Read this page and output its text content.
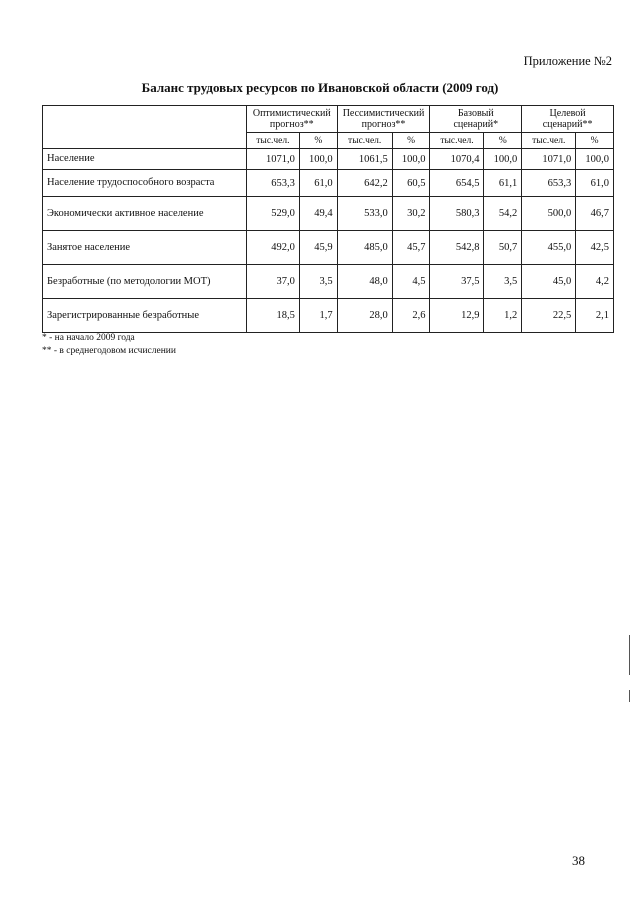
Приложение №2
Баланс трудовых ресурсов по Ивановской области (2009 год)
	Оптимистический прогноз**		Пессимистический прогноз**		Базовый сценарий*		Целевой сценарий**	
	тыс.чел.	%	тыс.чел.	%	тыс.чел.	%	тыс.чел.	%
Население	1071,0	100,0	1061,5	100,0	1070,4	100,0	1071,0	100,0
Население трудоспособного возраста	653,3	61,0	642,2	60,5	654,5	61,1	653,3	61,0
Экономически активное население	529,0	49,4	533,0	30,2	580,3	54,2	500,0	46,7
Занятое население	492,0	45,9	485,0	45,7	542,8	50,7	455,0	42,5
Безработные (по методологии МОТ)	37,0	3,5	48,0	4,5	37,5	3,5	45,0	4,2
Зарегистрированные безработные	18,5	1,7	28,0	2,6	12,9	1,2	22,5	2,1
* - на начало 2009 года
** - в среднегодовом исчислении
38
